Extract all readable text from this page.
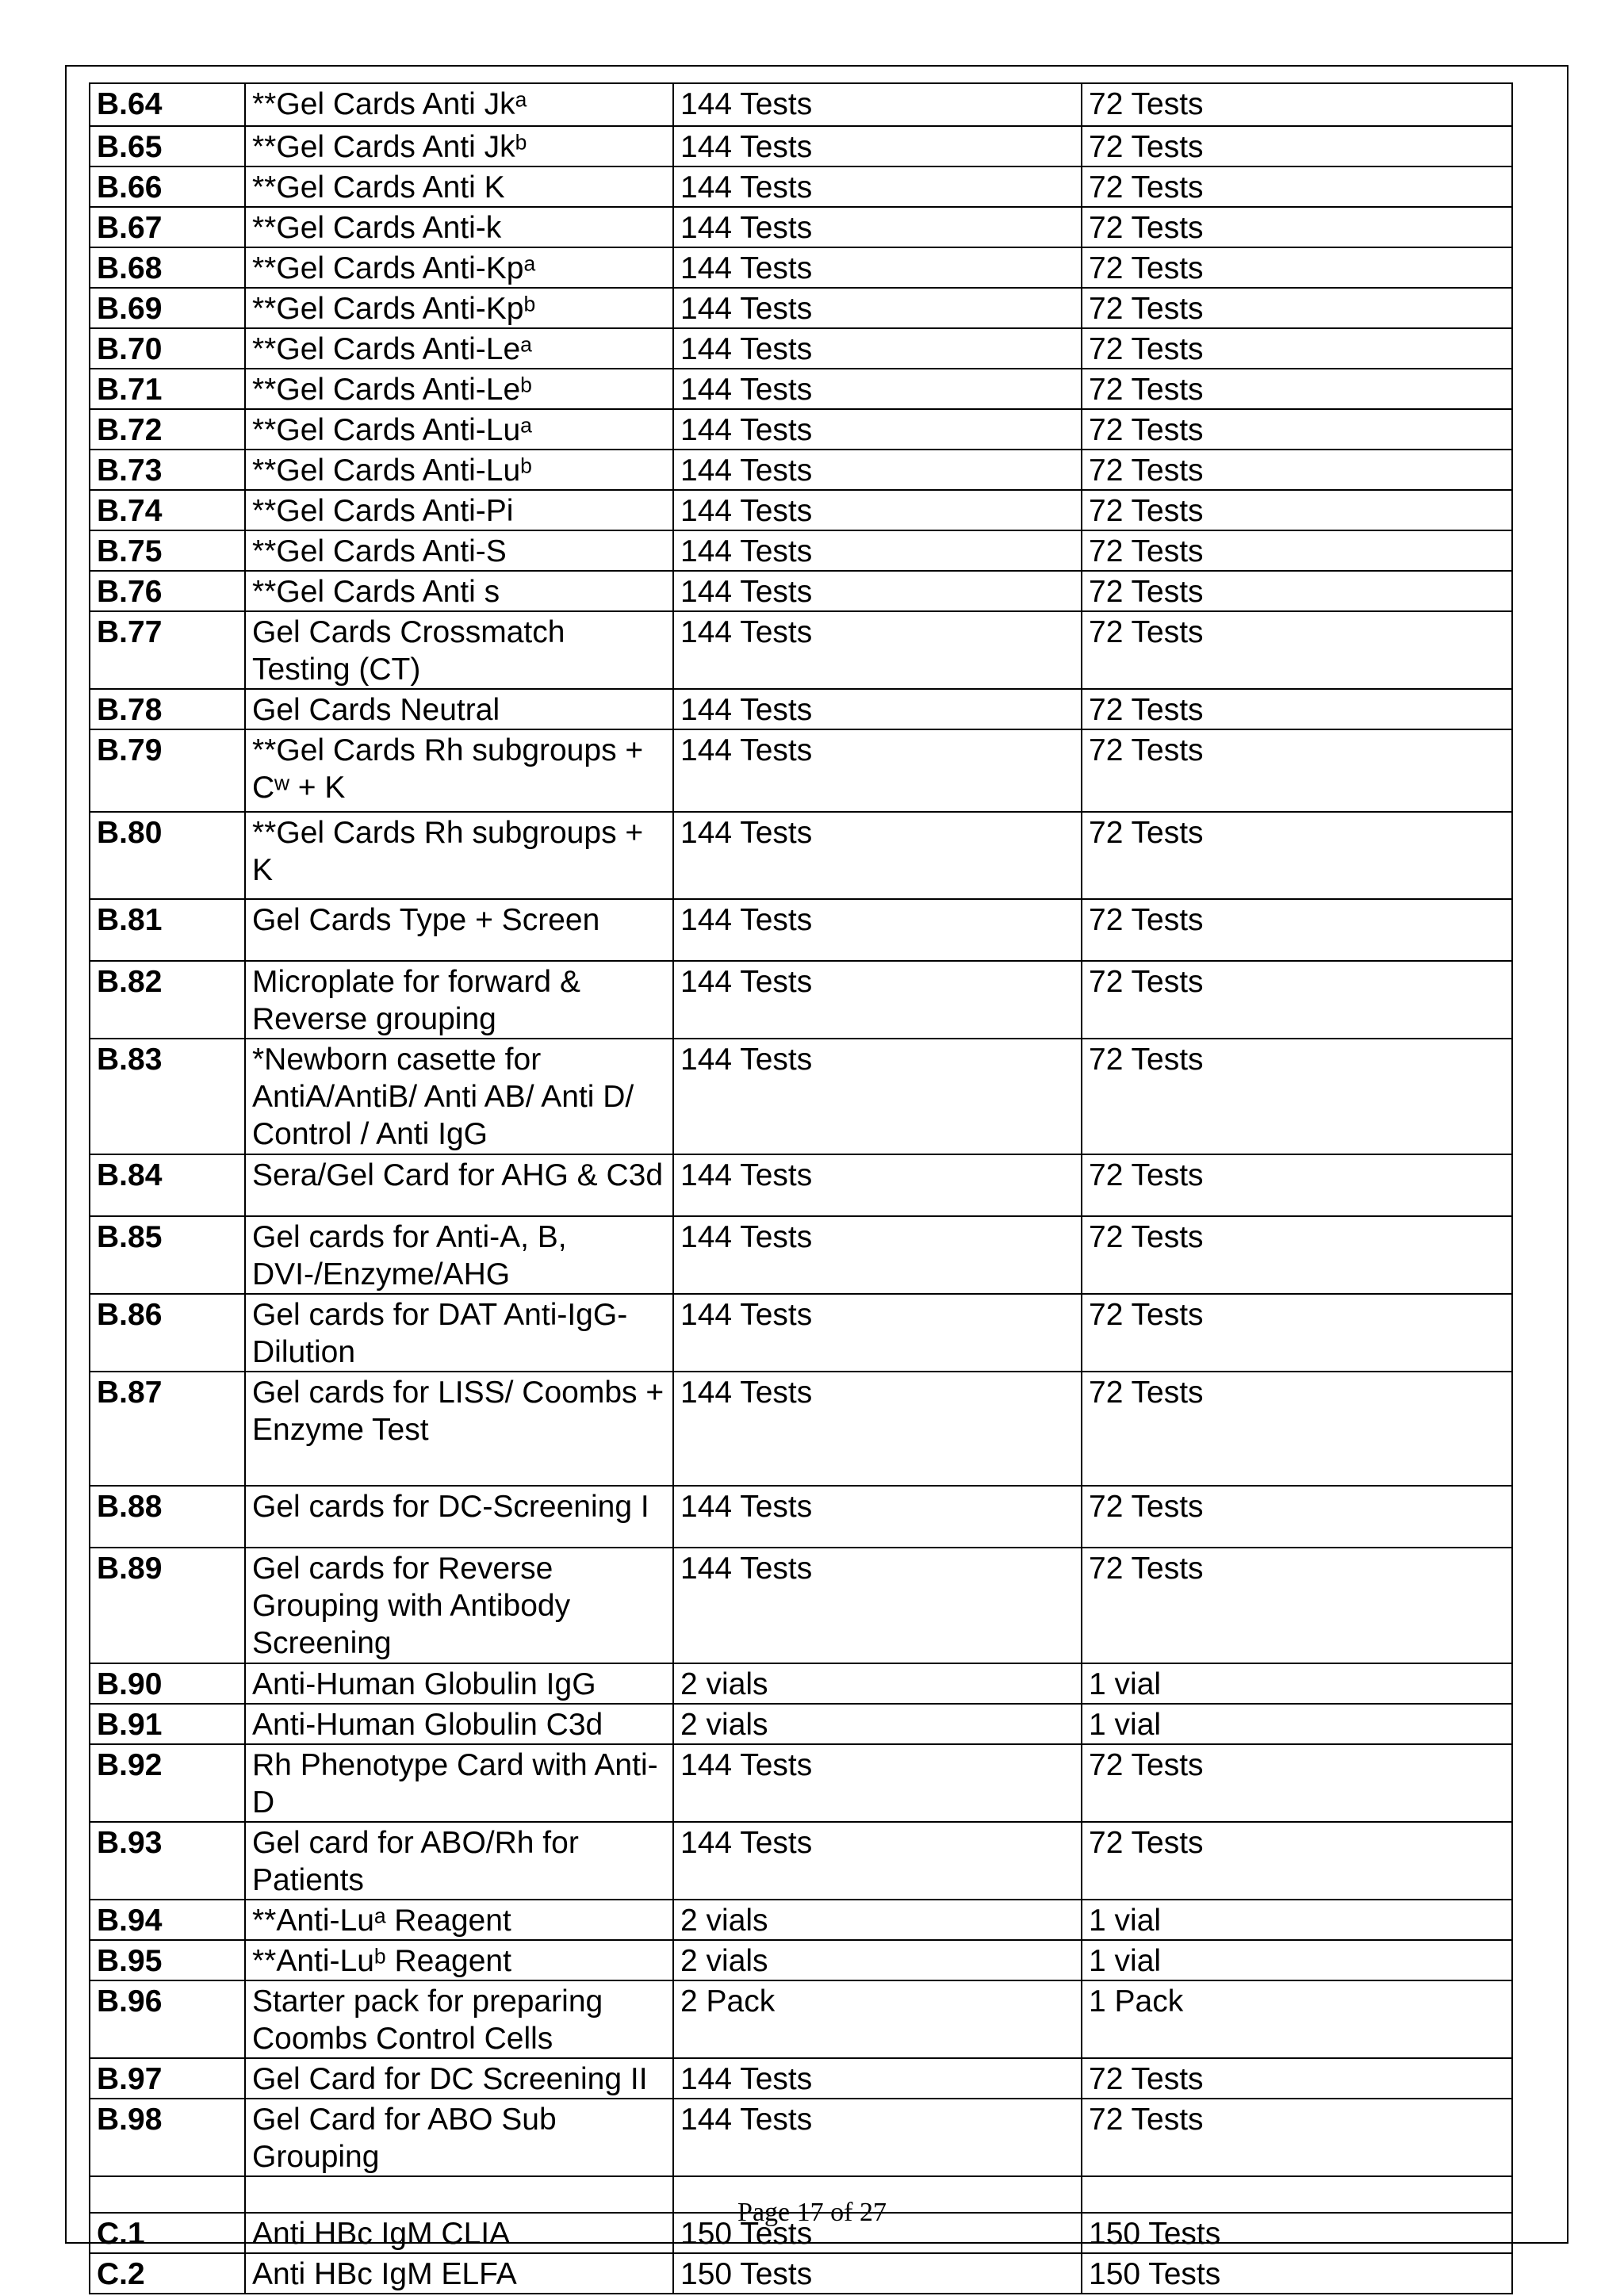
B.64	**Gel Cards Anti Jkᵃ	144 Tests	72 Tests
B.65	**Gel Cards Anti Jkᵇ	144 Tests	72 Tests
B.66	**Gel Cards Anti K	144 Tests	72 Tests
B.67	**Gel Cards Anti-k	144 Tests	72 Tests
B.68	**Gel Cards Anti-Kpᵃ	144 Tests	72 Tests
B.69	**Gel Cards Anti-Kpᵇ	144 Tests	72 Tests
B.70	**Gel Cards Anti-Leᵃ	144 Tests	72 Tests
B.71	**Gel Cards Anti-Leᵇ	144 Tests	72 Tests
B.72	**Gel Cards Anti-Luᵃ	144 Tests	72 Tests
B.73	**Gel Cards Anti-Luᵇ	144 Tests	72 Tests
B.74	**Gel Cards Anti-Pi	144 Tests	72 Tests
B.75	**Gel Cards Anti-S	144 Tests	72 Tests
B.76	**Gel Cards Anti s	144 Tests	72 Tests
B.77	Gel Cards Crossmatch Testing (CT)	144 Tests	72 Tests
B.78	Gel Cards Neutral	144 Tests	72 Tests
B.79	**Gel Cards Rh subgroups + Cʷ + K	144 Tests	72 Tests
B.80	**Gel Cards Rh subgroups + K	144 Tests	72 Tests
B.81	Gel Cards Type + Screen	144 Tests	72 Tests
B.82	Microplate for forward & Reverse grouping	144 Tests	72 Tests
B.83	*Newborn casette for AntiA/AntiB/ Anti AB/ Anti D/ Control / Anti IgG	144 Tests	72 Tests
B.84	Sera/Gel Card for AHG & C3d	144 Tests	72 Tests
B.85	Gel cards for Anti-A, B, DVI-/Enzyme/AHG	144 Tests	72 Tests
B.86	Gel cards for DAT Anti-IgG-Dilution	144 Tests	72 Tests
B.87	Gel cards for LISS/ Coombs + Enzyme Test	144 Tests	72 Tests
B.88	Gel cards for DC-Screening I	144 Tests	72 Tests
B.89	Gel cards for Reverse Grouping with Antibody Screening	144 Tests	72 Tests
B.90	Anti-Human Globulin IgG	2 vials	1 vial
B.91	Anti-Human Globulin C3d	2 vials	1 vial
B.92	Rh Phenotype Card with Anti-D	144 Tests	72 Tests
B.93	Gel card for ABO/Rh for Patients	144 Tests	72 Tests
B.94	**Anti-Luᵃ Reagent	2 vials	1 vial
B.95	**Anti-Luᵇ Reagent	2 vials	1 vial
B.96	Starter pack for preparing Coombs Control Cells	2 Pack	1 Pack
B.97	Gel Card for DC Screening II	144 Tests	72 Tests
B.98	Gel Card for ABO Sub Grouping	144 Tests	72 Tests

C.1	Anti HBc IgM CLIA	150 Tests	150 Tests
C.2	Anti HBc IgM ELFA	150 Tests	150 Tests
Page 17 of 27
